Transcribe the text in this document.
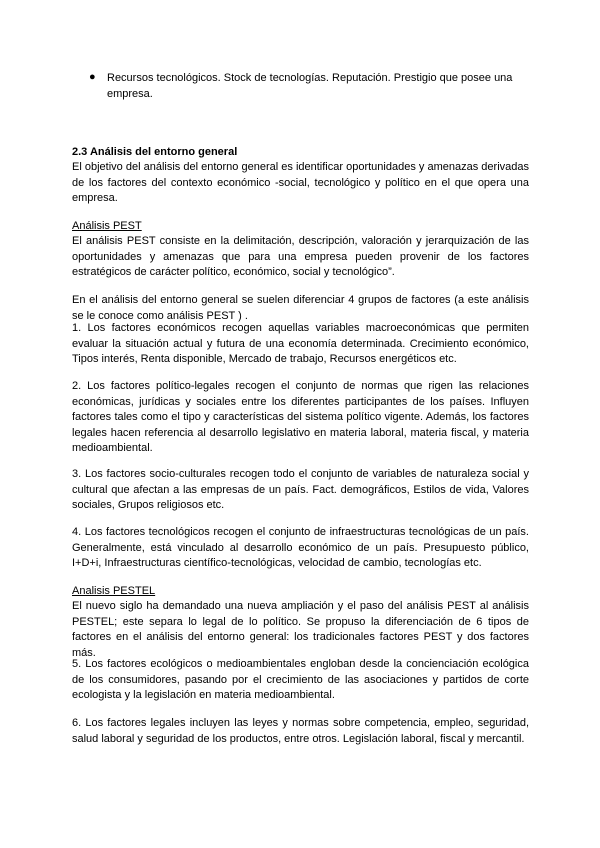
● Recursos tecnológicos. Stock de tecnologías. Reputación. Prestigio que posee una empresa.
2.3 Análisis del entorno general
El objetivo del análisis del entorno general es identificar oportunidades y amenazas derivadas de los factores del contexto económico -social, tecnológico y político en el que opera una empresa.
Análisis PEST
El análisis PEST consiste en la delimitación, descripción, valoración y jerarquización de las oportunidades y amenazas que para una empresa pueden provenir de los factores estratégicos de carácter político, económico, social y tecnológico”.
En el análisis del entorno general se suelen diferenciar 4 grupos de factores (a este análisis se le conoce como análisis PEST ) .
1. Los factores económicos recogen aquellas variables macroeconómicas que permiten evaluar la situación actual y futura de una economía determinada. Crecimiento económico, Tipos interés, Renta disponible, Mercado de trabajo, Recursos energéticos etc.
2. Los factores político-legales recogen el conjunto de normas que rigen las relaciones económicas, jurídicas y sociales entre los diferentes participantes de los países. Influyen factores tales como el tipo y características del sistema político vigente. Además, los factores legales hacen referencia al desarrollo legislativo en materia laboral, materia fiscal, y materia medioambiental.
3. Los factores socio-culturales recogen todo el conjunto de variables de naturaleza social y cultural que afectan a las empresas de un país. Fact. demográficos, Estilos de vida, Valores sociales, Grupos religiosos etc.
4. Los factores tecnológicos recogen el conjunto de infraestructuras tecnológicas de un país. Generalmente, está vinculado al desarrollo económico de un país. Presupuesto público, I+D+i, Infraestructuras científico-tecnológicas, velocidad de cambio, tecnologías etc.
Analisis PESTEL
El nuevo siglo ha demandado una nueva ampliación y el paso del análisis PEST al análisis PESTEL; este separa lo legal de lo político. Se propuso la diferenciación de 6 tipos de factores en el análisis del entorno general: los tradicionales factores PEST y dos factores más.
5. Los factores ecológicos o medioambientales engloban desde la concienciación ecológica de los consumidores, pasando por el crecimiento de las asociaciones y partidos de corte ecologista y la legislación en materia medioambiental.
6. Los factores legales incluyen las leyes y normas sobre competencia, empleo, seguridad, salud laboral y seguridad de los productos, entre otros. Legislación laboral, fiscal y mercantil.
